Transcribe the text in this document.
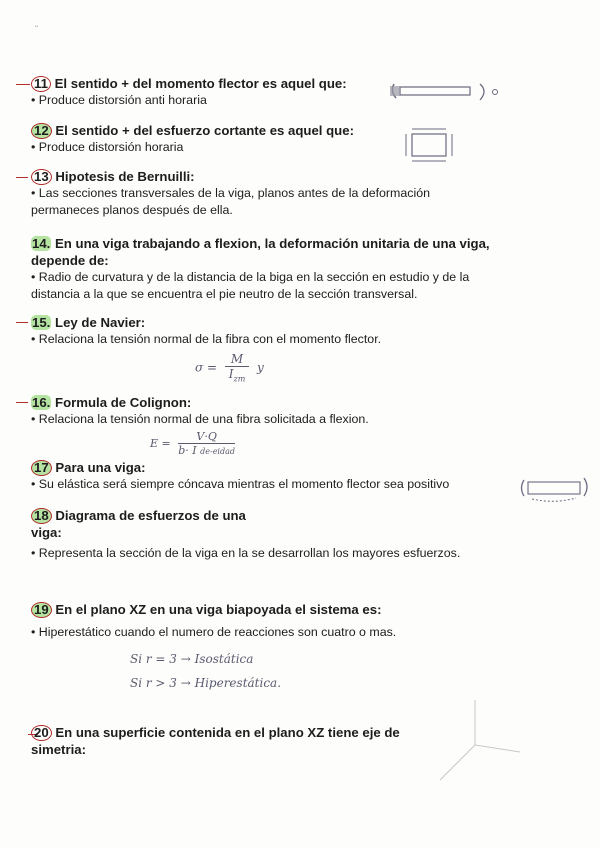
ᵕ
11 El sentido + del momento flector es aquel que:
• Produce distorsión anti horaria
12 El sentido + del esfuerzo cortante es aquel que:
• Produce distorsión horaria
13 Hipotesis de Bernuilli:
• Las secciones transversales de la viga, planos antes de la deformación permaneces planos después de ella.
14. En una viga trabajando a flexion, la deformación unitaria de una viga, depende de:
• Radio de curvatura y de la distancia de la biga en la sección en estudio y de la distancia a la que se encuentra el pie neutro de la sección transversal.
15. Ley de Navier:
• Relaciona la tensión normal de la fibra con el momento flector.
σ =
M
$I_{zm}$
y
16. Formula de Colignon:
• Relaciona la tensión normal de una fibra solicitada a flexion.
E =
V·Q
b· I de-eidad
17 Para una viga:
• Su elástica será siempre cóncava mientras el momento flector sea positivo
18 Diagrama de esfuerzos de una viga:
• Representa la sección de la viga en la se desarrollan los mayores esfuerzos.
19 En el plano XZ en una viga biapoyada el sistema es:
• Hiperestático cuando el numero de reacciones son cuatro o mas.
Si r = 3 → Isostática
Si r > 3 → Hiperestática.
20 En una superficie contenida en el plano XZ tiene eje de simetria:
